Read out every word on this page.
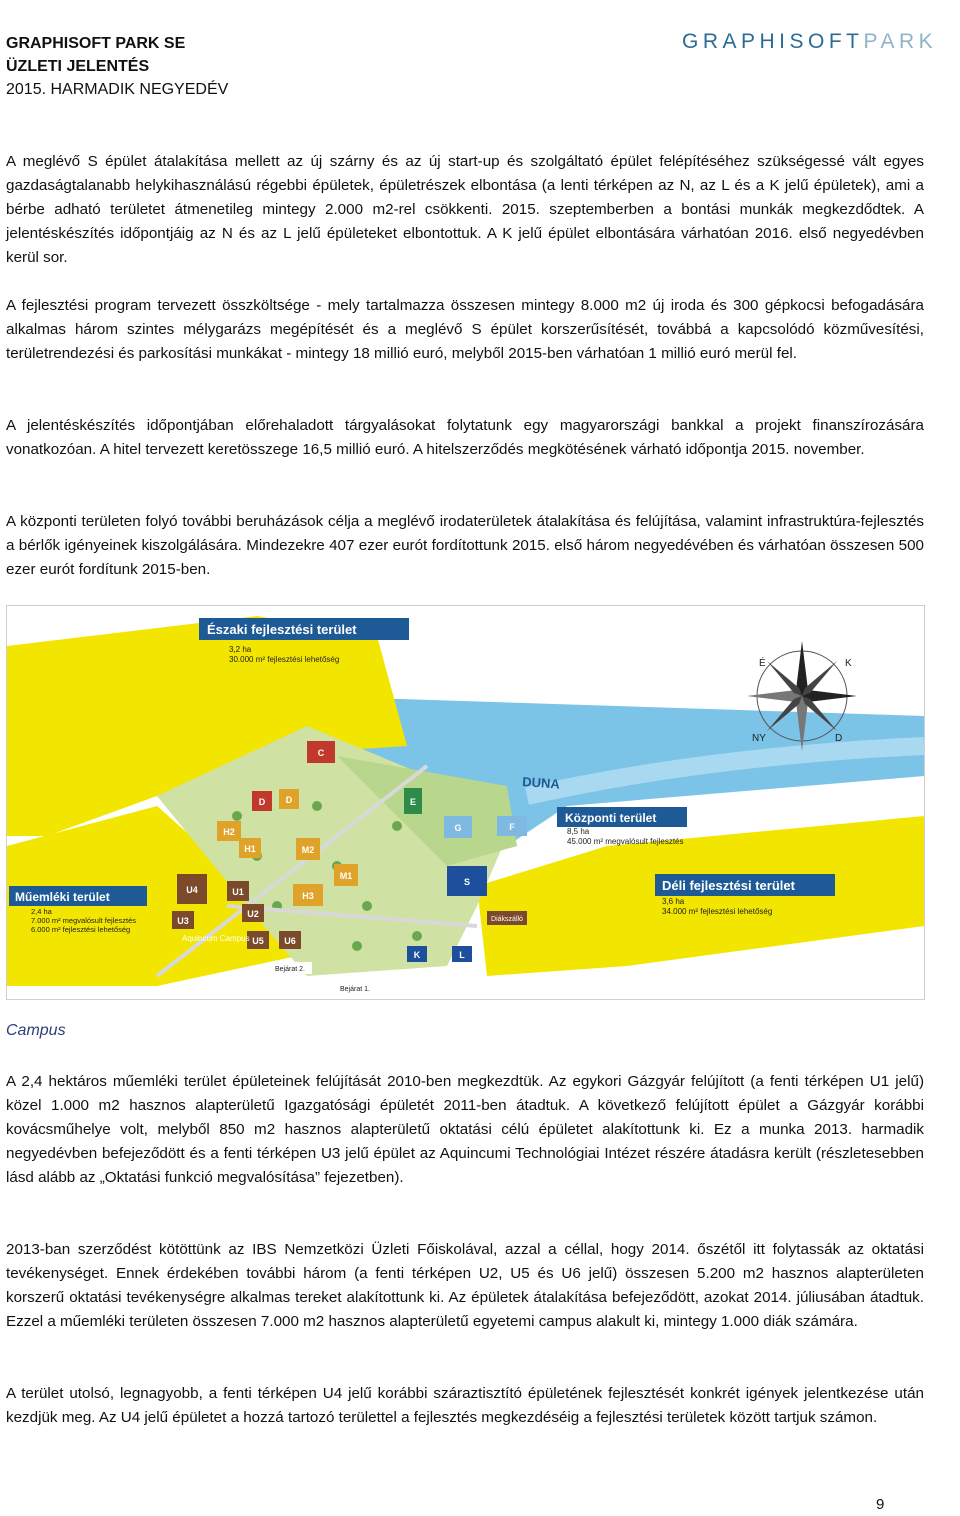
GRAPHISOFT PARK SE
ÜZLETI JELENTÉS
2015. HARMADIK NEGYEDÉV
GRAPHISOFTPARK
A meglévő S épület átalakítása mellett az új szárny és az új start-up és szolgáltató épület felépítéséhez szükségessé vált egyes gazdaságtalanabb helykihasználású régebbi épületek, épületrészek elbontása (a lenti térképen az N, az L és a K jelű épületek), ami a bérbe adható területet átmenetileg mintegy 2.000 m2-rel csökkenti. 2015. szeptemberben a bontási munkák megkezdődtek. A jelentéskészítés időpontjáig az N és az L jelű épületeket elbontottuk. A K jelű épület elbontására várhatóan 2016. első negyedévben kerül sor.
A fejlesztési program tervezett összköltsége - mely tartalmazza összesen mintegy 8.000 m2 új iroda és 300 gépkocsi befogadására alkalmas három szintes mélygarázs megépítését és a meglévő S épület korszerűsítését, továbbá a kapcsolódó közművesítési, területrendezési és parkosítási munkákat - mintegy 18 millió euró, melyből 2015-ben várhatóan 1 millió euró merül fel.
A jelentéskészítés időpontjában előrehaladott tárgyalásokat folytatunk egy magyarországi bankkal a projekt finanszírozására vonatkozóan. A hitel tervezett keretösszege 16,5 millió euró. A hitelszerződés megkötésének várható időpontja 2015. november.
A központi területen folyó további beruházások célja a meglévő irodaterületek átalakítása és felújítása, valamint infrastruktúra-fejlesztés a bérlők igényeinek kiszolgálására. Mindezekre 407 ezer eurót fordítottunk 2015. első három negyedévében és várhatóan összesen 500 ezer eurót fordítunk 2015-ben.
C
D D	E
G	F
H2
H1	M2
M1
H3
U4	U1
U3
U2
U5 U6
S
K	L
Diákszálló
DUNA
Északi fejlesztési terület
3,2 ha
30.000 m² fejlesztési lehetőség
Központi terület
8,5 ha
45.000 m² megvalósult fejlesztés
Déli fejlesztési terület
3,6 ha
34.000 m² fejlesztési lehetőség
Műemléki terület
2,4 ha
7.000 m² megvalósult fejlesztés
6.000 m² fejlesztési lehetőség
Aquincum Campus
Bejárat 2.
Bejárat 1.
É	K
NY	D
Campus
A 2,4 hektáros műemléki terület épületeinek felújítását 2010-ben megkezdtük. Az egykori Gázgyár felújított (a fenti térképen U1 jelű) közel 1.000 m2 hasznos alapterületű Igazgatósági épületét 2011-ben átadtuk. A következő felújított épület a Gázgyár korábbi kovácsműhelye volt, melyből 850 m2 hasznos alapterületű oktatási célú épületet alakítottunk ki. Ez a munka 2013. harmadik negyedévben befejeződött és a fenti térképen U3 jelű épület az Aquincumi Technológiai Intézet részére átadásra került (részletesebben lásd alább az „Oktatási funkció megvalósítása” fejezetben).
2013-ban szerződést kötöttünk az IBS Nemzetközi Üzleti Főiskolával, azzal a céllal, hogy 2014. őszétől itt folytassák az oktatási tevékenységet. Ennek érdekében további három (a fenti térképen U2, U5 és U6 jelű) összesen 5.200 m2 hasznos alapterületen korszerű oktatási tevékenységre alkalmas tereket alakítottunk ki. Az épületek átalakítása befejeződött, azokat 2014. júliusában átadtuk. Ezzel a műemléki területen összesen 7.000 m2 hasznos alapterületű egyetemi campus alakult ki, mintegy 1.000 diák számára.
A terület utolsó, legnagyobb, a fenti térképen U4 jelű korábbi száraztisztító épületének fejlesztését konkrét igények jelentkezése után kezdjük meg. Az U4 jelű épületet a hozzá tartozó területtel a fejlesztés megkezdéséig a fejlesztési területek között tartjuk számon.
9
